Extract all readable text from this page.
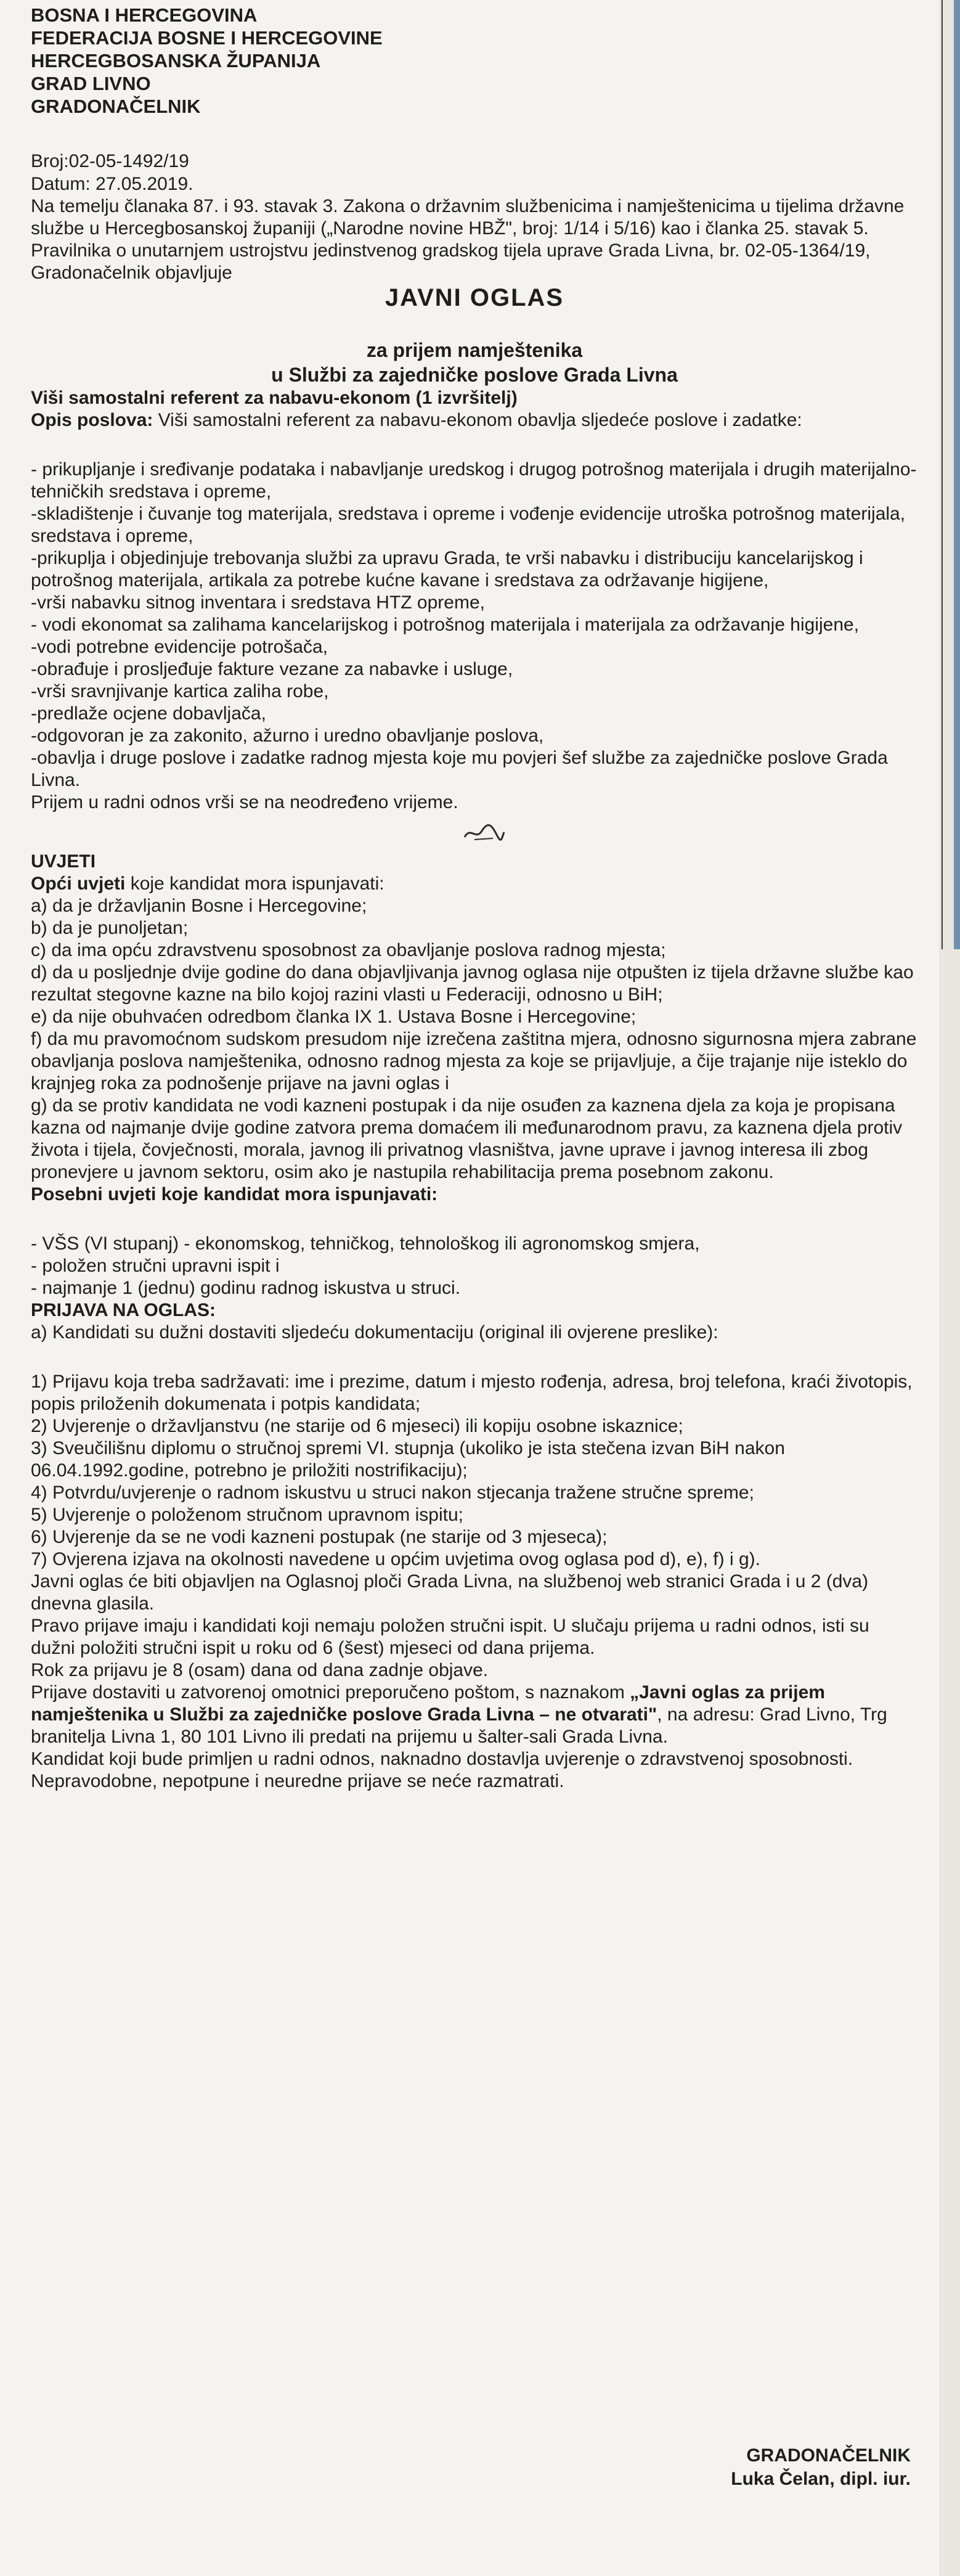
BOSNA I HERCEGOVINA

FEDERACIJA BOSNE I HERCEGOVINE

HERCEGBOSANSKA ŽUPANIJA

GRAD LIVNO

GRADONAČELNIK

Broj:02-05-1492/19

Datum: 27.05.2019.

Na temelju članaka 87. i 93. stavak 3. Zakona o državnim službenicima i namještenicima u tijelima državne službe u Hercegbosanskoj županiji („Narodne novine HBŽ", broj: 1/14 i 5/16) kao i članka 25. stavak 5. Pravilnika o unutarnjem ustrojstvu jedinstvenog gradskog tijela uprave Grada Livna, br. 02-05-1364/19, Gradonačelnik objavljuje

JAVNI OGLAS

za prijem namještenika

u Službi za zajedničke poslove Grada Livna

Viši samostalni referent za nabavu-ekonom (1 izvršitelj)

Opis poslova: Viši samostalni referent za nabavu-ekonom obavlja sljedeće poslove i zadatke:

- prikupljanje i sređivanje podataka i nabavljanje uredskog i drugog potrošnog materijala i drugih materijalno-tehničkih sredstava i opreme,

-skladištenje i čuvanje tog materijala, sredstava i opreme i vođenje evidencije utroška potrošnog materijala, sredstava i opreme,

-prikuplja i objedinjuje trebovanja službi za upravu Grada, te vrši nabavku i distribuciju kancelarijskog i potrošnog materijala, artikala za potrebe kućne kavane i sredstava za održavanje higijene,

-vrši nabavku sitnog inventara i sredstava HTZ opreme,

- vodi ekonomat sa zalihama kancelarijskog i potrošnog materijala i materijala za održavanje higijene,

-vodi potrebne evidencije potrošača,

-obrađuje i prosljeđuje fakture vezane za nabavke i usluge,

-vrši sravnjivanje kartica zaliha robe,

-predlaže ocjene dobavljača,

-odgovoran je za zakonito, ažurno i uredno obavljanje poslova,

-obavlja i druge poslove i zadatke radnog mjesta koje mu povjeri šef službe za zajedničke poslove Grada Livna.

Prijem u radni odnos vrši se na neodređeno vrijeme.

UVJETI

Opći uvjeti koje kandidat mora ispunjavati:

a) da je državljanin Bosne i Hercegovine;

b) da je punoljetan;

c) da ima opću zdravstvenu sposobnost za obavljanje poslova radnog mjesta;

d) da u posljednje dvije godine do dana objavljivanja javnog oglasa nije otpušten iz tijela državne službe kao rezultat stegovne kazne na bilo kojoj razini vlasti u Federaciji, odnosno u BiH;

e) da nije obuhvaćen odredbom članka IX 1. Ustava Bosne i Hercegovine;

f) da mu pravomoćnom sudskom presudom nije izrečena zaštitna mjera, odnosno sigurnosna mjera zabrane obavljanja poslova namještenika, odnosno radnog mjesta za koje se prijavljuje, a čije trajanje nije isteklo do krajnjeg roka za podnošenje prijave na javni oglas i

g) da se protiv kandidata ne vodi kazneni postupak i da nije osuđen za kaznena djela za koja je propisana kazna od najmanje dvije godine zatvora prema domaćem ili međunarodnom pravu, za kaznena djela protiv života i tijela, čovječnosti, morala, javnog ili privatnog vlasništva, javne uprave i javnog interesa ili zbog pronevjere u javnom sektoru, osim ako je nastupila rehabilitacija prema posebnom zakonu.

Posebni uvjeti koje kandidat mora ispunjavati:

- VŠS (VI stupanj) - ekonomskog, tehničkog, tehnološkog ili agronomskog smjera,

- položen stručni upravni ispit i

- najmanje 1 (jednu) godinu radnog iskustva u struci.

PRIJAVA NA OGLAS:

a) Kandidati su dužni dostaviti sljedeću dokumentaciju (original ili ovjerene preslike):

1) Prijavu koja treba sadržavati: ime i prezime, datum i mjesto rođenja, adresa, broj telefona, kraći životopis, popis priloženih dokumenata i potpis kandidata;

2) Uvjerenje o državljanstvu (ne starije od 6 mjeseci) ili kopiju osobne iskaznice;

3) Sveučilišnu diplomu o stručnoj spremi VI. stupnja (ukoliko je ista stečena izvan BiH nakon 06.04.1992.godine, potrebno je priložiti nostrifikaciju);

4) Potvrdu/uvjerenje o radnom iskustvu u struci nakon stjecanja tražene stručne spreme;

5) Uvjerenje o položenom stručnom upravnom ispitu;

6) Uvjerenje da se ne vodi kazneni postupak (ne starije od 3 mjeseca);

7) Ovjerena izjava na okolnosti navedene u općim uvjetima ovog oglasa pod d), e), f) i g).

Javni oglas će biti objavljen na Oglasnoj ploči Grada Livna, na službenoj web stranici Grada i u 2 (dva) dnevna glasila.

Pravo prijave imaju i kandidati koji nemaju položen stručni ispit. U slučaju prijema u radni odnos, isti su dužni položiti stručni ispit u roku od 6 (šest) mjeseci od dana prijema.

Rok za prijavu je 8 (osam) dana od dana zadnje objave.

Prijave dostaviti u zatvorenoj omotnici preporučeno poštom, s naznakom „Javni oglas za prijem namještenika u Službi za zajedničke poslove Grada Livna – ne otvarati", na adresu: Grad Livno, Trg branitelja Livna 1, 80 101 Livno ili predati na prijemu u šalter-sali Grada Livna.

Kandidat koji bude primljen u radni odnos, naknadno dostavlja uvjerenje o zdravstvenoj sposobnosti.

Nepravodobne, nepotpune i neuredne prijave se neće razmatrati.

GRADONAČELNIK

Luka Čelan, dipl. iur.
